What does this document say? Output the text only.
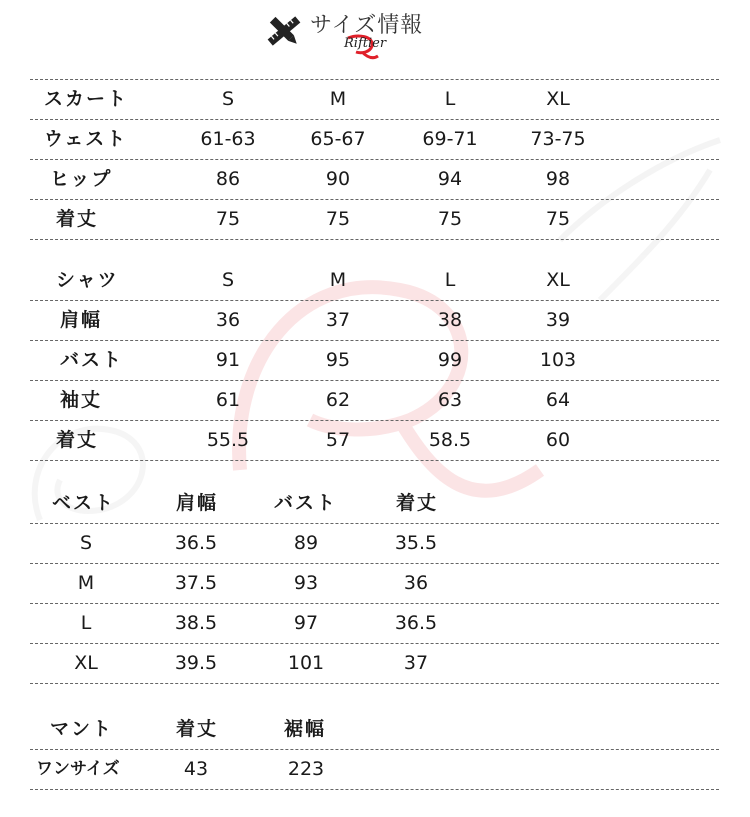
サイズ情報
Riftier
スカート	S	M	L	XL
ウェスト	61-63	65-67	69-71	73-75
ヒップ	86	90	94	98
着丈	75	75	75	75
シャツ	S	M	L	XL
肩幅	36	37	38	39
バスト	91	95	99	103
袖丈	61	62	63	64
着丈	55.5	57	58.5	60
ベスト	肩幅	バスト	着丈
S	36.5	89	35.5
M	37.5	93	36
L	38.5	97	36.5
XL	39.5	101	37
マント	着丈	裾幅
ワンサイズ	43	223
